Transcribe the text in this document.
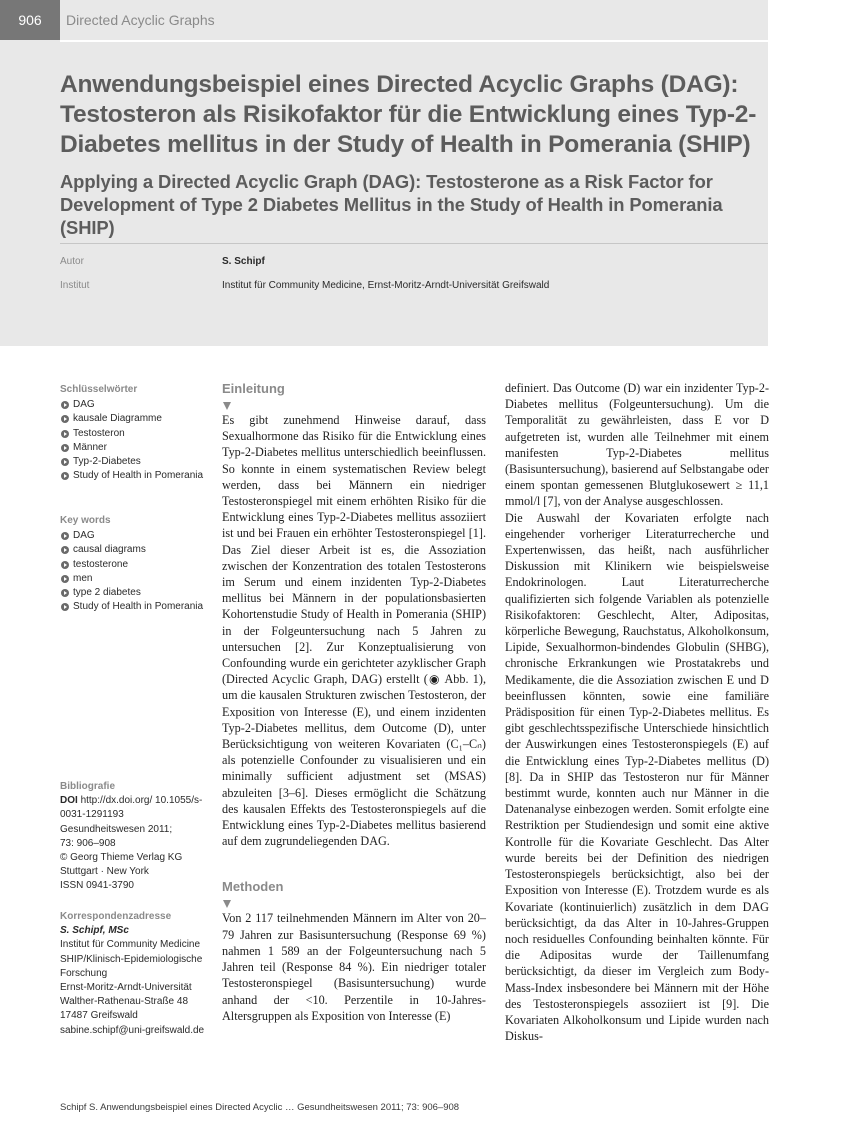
906	Directed Acyclic Graphs
Anwendungsbeispiel eines Directed Acyclic Graphs (DAG): Testosteron als Risikofaktor für die Entwicklung eines Typ-2-Diabetes mellitus in der Study of Health in Pomerania (SHIP)
Applying a Directed Acyclic Graph (DAG): Testosterone as a Risk Factor for Development of Type 2 Diabetes Mellitus in the Study of Health in Pomerania (SHIP)
Autor	S. Schipf
Institut	Institut für Community Medicine, Ernst-Moritz-Arndt-Universität Greifswald
Schlüsselwörter
DAG
kausale Diagramme
Testosteron
Männer
Typ-2-Diabetes
Study of Health in Pomerania
Key words
DAG
causal diagrams
testosterone
men
type 2 diabetes
Study of Health in Pomerania
Bibliografie
DOI http://dx.doi.org/ 10.1055/s-0031-1291193
Gesundheitswesen 2011;
73: 906–908
© Georg Thieme Verlag KG
Stuttgart · New York
ISSN 0941-3790
Korrespondenzadresse
S. Schipf, MSc
Institut für Community Medicine
SHIP/Klinisch-Epidemiologische Forschung
Ernst-Moritz-Arndt-Universität
Walther-Rathenau-Straße 48
17487 Greifswald
sabine.schipf@uni-greifswald.de
Einleitung

Es gibt zunehmend Hinweise darauf, dass Sexualhormone das Risiko für die Entwicklung eines Typ-2-Diabetes mellitus unterschiedlich beeinflussen. So konnte in einem systematischen Review belegt werden, dass bei Männern ein niedriger Testosteronspiegel mit einem erhöhten Risiko für die Entwicklung eines Typ-2-Diabetes mellitus assoziiert ist und bei Frauen ein erhöhter Testosteronspiegel [1]. Das Ziel dieser Arbeit ist es, die Assoziation zwischen der Konzentration des totalen Testosterons im Serum und einem inzidenten Typ-2-Diabetes mellitus bei Männern in der populationsbasierten Kohortenstudie Study of Health in Pomerania (SHIP) in der Folgeuntersuchung nach 5 Jahren zu untersuchen [2]. Zur Konzeptualisierung von Confounding wurde ein gerichteter azyklischer Graph (Directed Acyclic Graph, DAG) erstellt (◉ Abb. 1), um die kausalen Strukturen zwischen Testosteron, der Exposition von Interesse (E), und einem inzidenten Typ-2-Diabetes mellitus, dem Outcome (D), unter Berücksichtigung von weiteren Kovariaten (C₁–Cₙ) als potenzielle Confounder zu visualisieren und ein minimally sufficient adjustment set (MSAS) abzuleiten [3–6]. Dieses ermöglicht die Schätzung des kausalen Effekts des Testosteronspiegels auf die Entwicklung eines Typ-2-Diabetes mellitus basierend auf dem zugrundeliegenden DAG.

Methoden

Von 2 117 teilnehmenden Männern im Alter von 20–79 Jahren zur Basisuntersuchung (Response 69 %) nahmen 1 589 an der Folgeuntersuchung nach 5 Jahren teil (Response 84 %). Ein niedriger totaler Testosteronspiegel (Basisuntersuchung) wurde anhand der <10. Perzentile in 10-Jahres-Altersgruppen als Exposition von Interesse (E)

definiert. Das Outcome (D) war ein inzidenter Typ-2-Diabetes mellitus (Folgeuntersuchung). Um die Temporalität zu gewährleisten, dass E vor D aufgetreten ist, wurden alle Teilnehmer mit einem manifesten Typ-2-Diabetes mellitus (Basisuntersuchung), basierend auf Selbstangabe oder einem spontan gemessenen Blutglukosewert ≥ 11,1 mmol/l [7], von der Analyse ausgeschlossen.

Die Auswahl der Kovariaten erfolgte nach eingehender vorheriger Literaturrecherche und Expertenwissen, das heißt, nach ausführlicher Diskussion mit Klinikern wie beispielsweise Endokrinologen. Laut Literaturrecherche qualifizierten sich folgende Variablen als potenzielle Risikofaktoren: Geschlecht, Alter, Adipositas, körperliche Bewegung, Rauchstatus, Alkoholkonsum, Lipide, Sexualhormon-bindendes Globulin (SHBG), chronische Erkrankungen wie Prostatakrebs und Medikamente, die die Assoziation zwischen E und D beeinflussen könnten, sowie eine familiäre Prädisposition für einen Typ-2-Diabetes mellitus. Es gibt geschlechtsspezifische Unterschiede hinsichtlich der Auswirkungen eines Testosteronspiegels (E) auf die Entwicklung eines Typ-2-Diabetes mellitus (D) [8]. Da in SHIP das Testosteron nur für Männer bestimmt wurde, konnten auch nur Männer in die Datenanalyse einbezogen werden. Somit erfolgte eine Restriktion per Studiendesign und somit eine aktive Kontrolle für die Kovariate Geschlecht. Das Alter wurde bereits bei der Definition des niedrigen Testosteronspiegels berücksichtigt, also bei der Exposition von Interesse (E). Trotzdem wurde es als Kovariate (kontinuierlich) zusätzlich in dem DAG berücksichtigt, da das Alter in 10-Jahres-Gruppen noch residuelles Confounding beinhalten könnte. Für die Adipositas wurde der Taillenumfang berücksichtigt, da dieser im Vergleich zum Body-Mass-Index insbesondere bei Männern mit der Höhe des Testosteronspiegels assoziiert ist [9]. Die Kovariaten Alkoholkonsum und Lipide wurden nach Diskus-

Schipf S. Anwendungsbeispiel eines Directed Acyclic … Gesundheitswesen 2011; 73: 906–908
